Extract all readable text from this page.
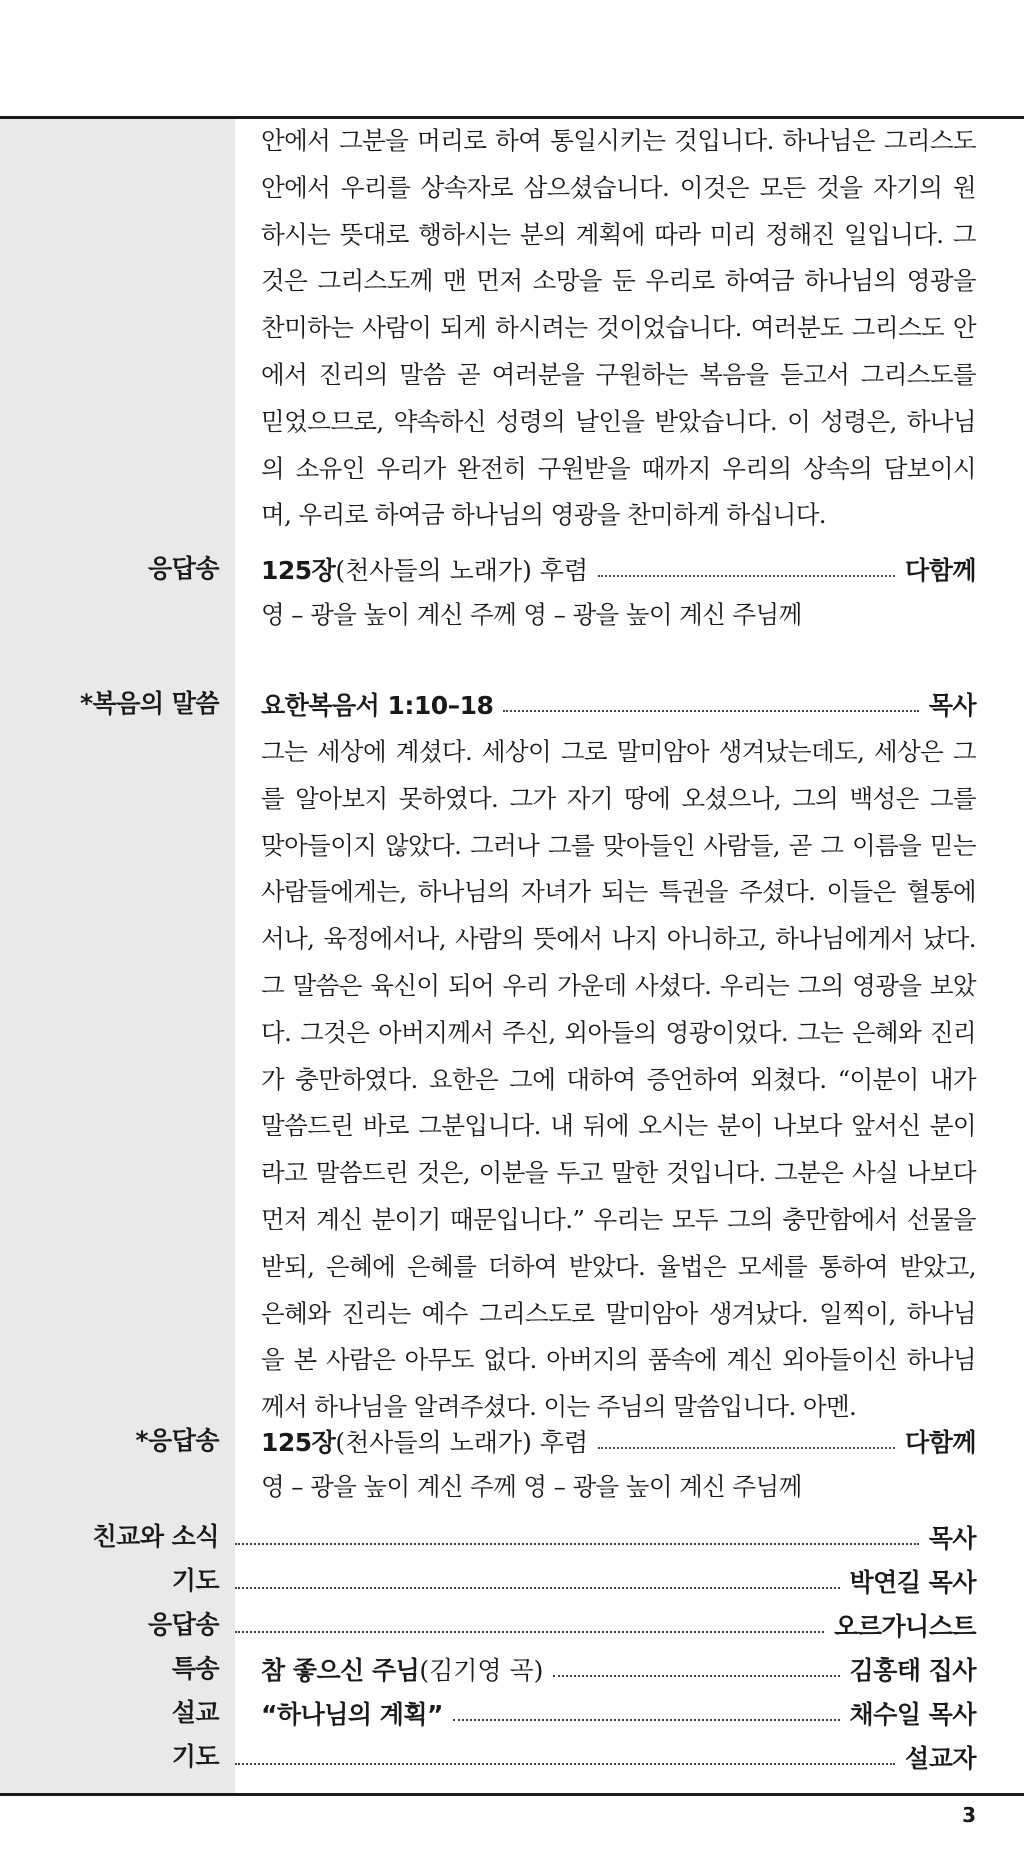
안에서 그분을 머리로 하여 통일시키는 것입니다. 하나님은 그리스도
안에서 우리를 상속자로 삼으셨습니다. 이것은 모든 것을 자기의 원
하시는 뜻대로 행하시는 분의 계획에 따라 미리 정해진 일입니다. 그
것은 그리스도께 맨 먼저 소망을 둔 우리로 하여금 하나님의 영광을
찬미하는 사람이 되게 하시려는 것이었습니다. 여러분도 그리스도 안
에서 진리의 말씀 곧 여러분을 구원하는 복음을 듣고서 그리스도를
믿었으므로, 약속하신 성령의 날인을 받았습니다. 이 성령은, 하나님
의 소유인 우리가 완전히 구원받을 때까지 우리의 상속의 담보이시
며, 우리로 하여금 하나님의 영광을 찬미하게 하십니다.

응답송 125장(천사들의 노래가) 후렴	다함께
영 – 광을 높이 계신 주께 영 – 광을 높이 계신 주님께
*복음의 말씀 요한복음서 1:10–18	목사

그는 세상에 계셨다. 세상이 그로 말미암아 생겨났는데도, 세상은 그
를 알아보지 못하였다. 그가 자기 땅에 오셨으나, 그의 백성은 그를
맞아들이지 않았다. 그러나 그를 맞아들인 사람들, 곧 그 이름을 믿는
사람들에게는, 하나님의 자녀가 되는 특권을 주셨다. 이들은 혈통에
서나, 육정에서나, 사람의 뜻에서 나지 아니하고, 하나님에게서 났다.
그 말씀은 육신이 되어 우리 가운데 사셨다. 우리는 그의 영광을 보았
다. 그것은 아버지께서 주신, 외아들의 영광이었다. 그는 은혜와 진리
가 충만하였다. 요한은 그에 대하여 증언하여 외쳤다. “이분이 내가
말씀드린 바로 그분입니다. 내 뒤에 오시는 분이 나보다 앞서신 분이
라고 말씀드린 것은, 이분을 두고 말한 것입니다. 그분은 사실 나보다
먼저 계신 분이기 때문입니다.” 우리는 모두 그의 충만함에서 선물을
받되, 은혜에 은혜를 더하여 받았다. 율법은 모세를 통하여 받았고,
은혜와 진리는 예수 그리스도로 말미암아 생겨났다. 일찍이, 하나님
을 본 사람은 아무도 없다. 아버지의 품속에 계신 외아들이신 하나님
께서 하나님을 알려주셨다. 이는 주님의 말씀입니다. 아멘.

*응답송 125장(천사들의 노래가) 후렴	다함께
영 – 광을 높이 계신 주께 영 – 광을 높이 계신 주님께
친교와 소식	목사
기도	박연길 목사
응답송	오르가니스트
특송 참 좋으신 주님(김기영 곡)	김홍태 집사
설교 “하나님의 계획”	채수일 목사
기도	설교자
3
